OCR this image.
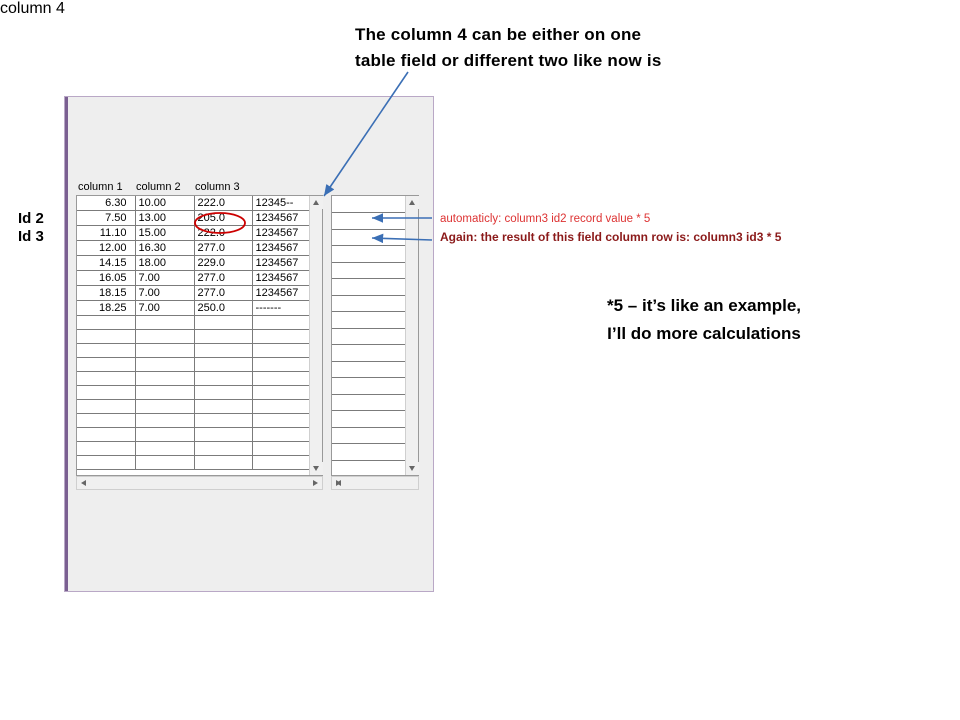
column 1 column 2 column 3
6.30	10.00	222.0	12345--
7.50	13.00	205.0	1234567
11.10	15.00	222.0	1234567
12.00	16.30	277.0	1234567
14.15	18.00	229.0	1234567
16.05	7.00	277.0	1234567
18.15	7.00	277.0	1234567
18.25	7.00	250.0	-------

column 4

The column 4 can be either on one
table field or different two like now is
*5 – it’s like an example,
I’ll do more calculations
Id 2
Id 3
automaticly: column3 id2 record value * 5
Again: the result of this field column row is: column3 id3 * 5
